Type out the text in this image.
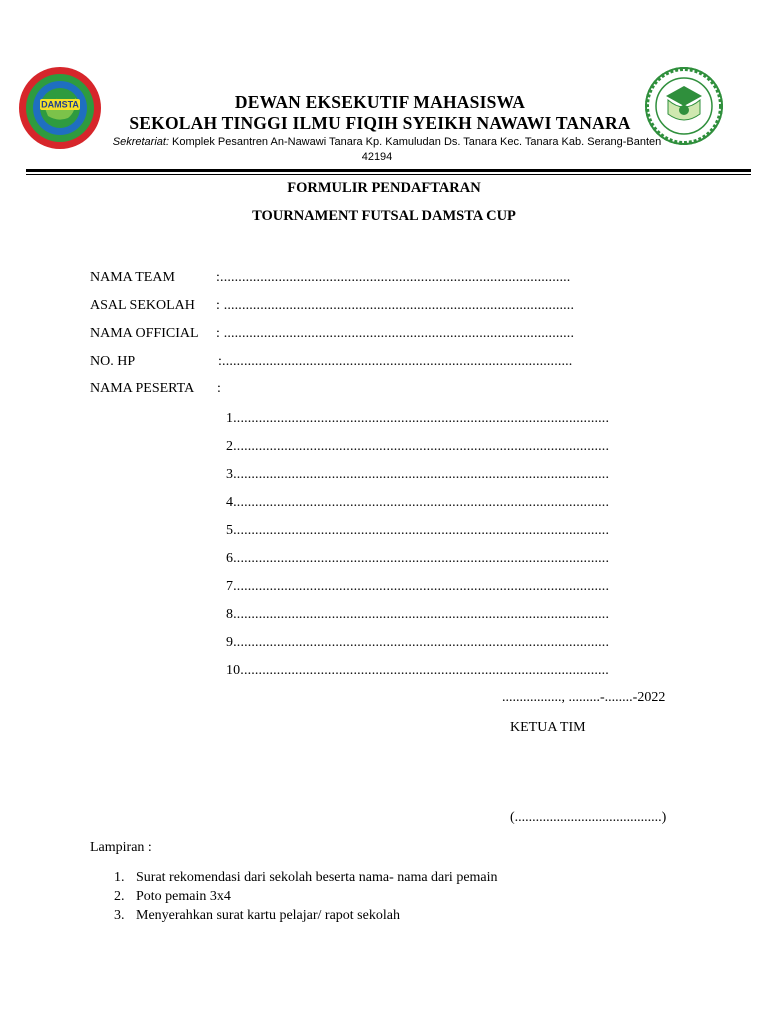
DAMSTA	DEWAN EKSEKUTIF MAHASISWA
SEKOLAH TINGGI ILMU FIQIH SYEIKH NAWAWI TANARA
Sekretariat: Komplek Pesantren An-Nawawi Tanara Kp. Kamuludan Ds. Tanara Kec. Tanara Kab. Serang-Banten
42194
FORMULIR PENDAFTARAN
TOURNAMENT FUTSAL DAMSTA CUP
NAMA TEAM	:................................................................................................
ASAL SEKOLAH : ................................................................................................
NAMA OFFICIAL : ................................................................................................
NO. HP	:................................................................................................
NAMA PESERTA :
1.......................................................................................................
2.......................................................................................................
3.......................................................................................................
4.......................................................................................................
5.......................................................................................................
6.......................................................................................................
7.......................................................................................................
8.......................................................................................................
9.......................................................................................................
10.....................................................................................................
................., .........-........-2022
KETUA TIM
(..........................................)
Lampiran :
1. Surat rekomendasi dari sekolah beserta nama- nama dari pemain
2. Poto pemain 3x4
3. Menyerahkan surat kartu pelajar/ rapot sekolah
